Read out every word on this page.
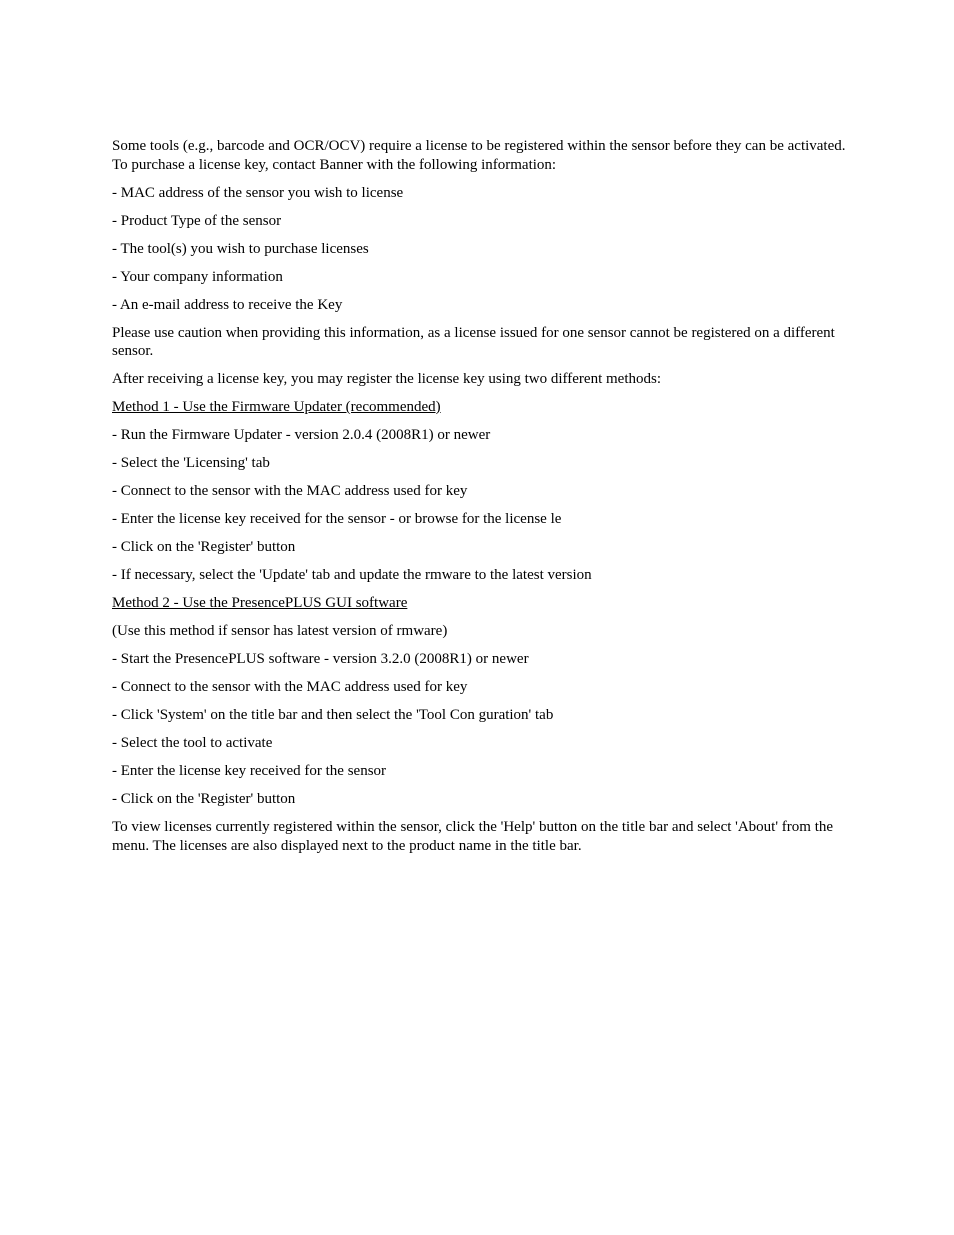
Some tools (e.g., barcode and OCR/OCV) require a license to be registered within the sensor before they can be activated. To purchase a license key, contact Banner with the following information:

- MAC address of the sensor you wish to license

- Product Type of the sensor

- The tool(s) you wish to purchase licenses

- Your company information

- An e-mail address to receive the Key

Please use caution when providing this information, as a license issued for one sensor cannot be registered on a different sensor.

After receiving a license key, you may register the license key using two different methods:

Method 1 - Use the Firmware Updater (recommended)

- Run the Firmware Updater - version 2.0.4 (2008R1) or newer

- Select the 'Licensing' tab

- Connect to the sensor with the MAC address used for key

- Enter the license key received for the sensor - or browse for the license le

- Click on the 'Register' button

- If necessary, select the 'Update' tab and update the rmware to the latest version

Method 2 - Use the PresencePLUS GUI software

(Use this method if sensor has latest version of rmware)

- Start the PresencePLUS software - version 3.2.0 (2008R1) or newer

- Connect to the sensor with the MAC address used for key

- Click 'System' on the title bar and then select the 'Tool Con guration' tab

- Select the tool to activate

- Enter the license key received for the sensor

- Click on the 'Register' button

To view licenses currently registered within the sensor, click the 'Help' button on the title bar and select 'About' from the menu. The licenses are also displayed next to the product name in the title bar.
